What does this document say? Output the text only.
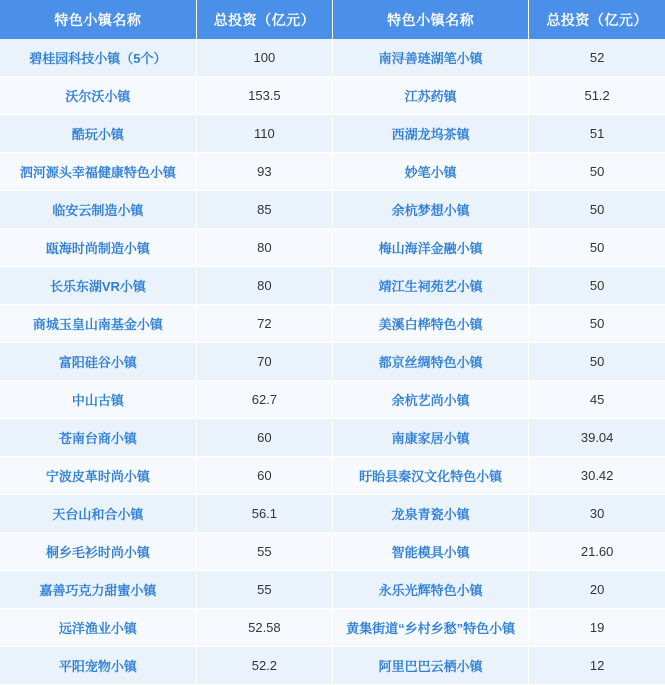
特色小镇名称	总投资（亿元）	特色小镇名称	总投资（亿元）
碧桂园科技小镇（5个）	100	南浔善琏湖笔小镇	52
沃尔沃小镇	153.5	江苏药镇	51.2
酷玩小镇	110	西湖龙坞茶镇	51
泗河源头幸福健康特色小镇	93	妙笔小镇	50
临安云制造小镇	85	余杭梦想小镇	50
瓯海时尚制造小镇	80	梅山海洋金融小镇	50
长乐东湖VR小镇	80	靖江生祠苑艺小镇	50
商城玉皇山南基金小镇	72	美溪白桦特色小镇	50
富阳硅谷小镇	70	都京丝绸特色小镇	50
中山古镇	62.7	余杭艺尚小镇	45
苍南台商小镇	60	南康家居小镇	39.04
宁波皮革时尚小镇	60	盱眙县秦汉文化特色小镇	30.42
天台山和合小镇	56.1	龙泉青瓷小镇	30
桐乡毛衫时尚小镇	55	智能模具小镇	21.60
嘉善巧克力甜蜜小镇	55	永乐光辉特色小镇	20
远洋渔业小镇	52.58	黄集街道“乡村乡愁”特色小镇	19
平阳宠物小镇	52.2	阿里巴巴云栖小镇	12
